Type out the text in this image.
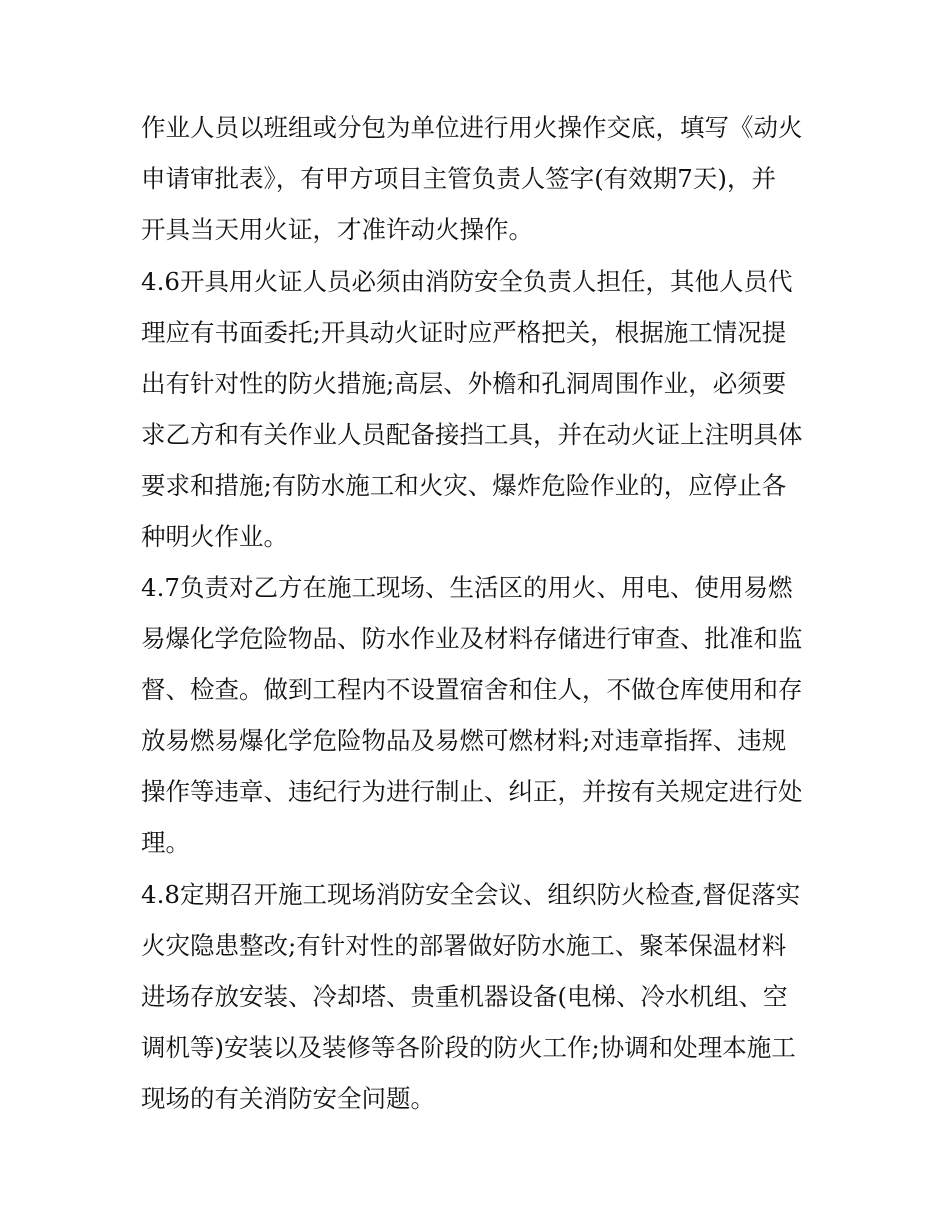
作业人员以班组或分包为单位进行用火操作交底，填写《动火
申请审批表》，有甲方项目主管负责人签字(有效期7天)，并
开具当天用火证，才准许动火操作。
4.6开具用火证人员必须由消防安全负责人担任，其他人员代
理应有书面委托;开具动火证时应严格把关，根据施工情况提
出有针对性的防火措施;高层、外檐和孔洞周围作业，必须要
求乙方和有关作业人员配备接挡工具，并在动火证上注明具体
要求和措施;有防水施工和火灾、爆炸危险作业的，应停止各
种明火作业。
4.7负责对乙方在施工现场、生活区的用火、用电、使用易燃
易爆化学危险物品、防水作业及材料存储进行审查、批准和监
督、检查。做到工程内不设置宿舍和住人，不做仓库使用和存
放易燃易爆化学危险物品及易燃可燃材料;对违章指挥、违规
操作等违章、违纪行为进行制止、纠正，并按有关规定进行处
理。
4.8定期召开施工现场消防安全会议、组织防火检查,督促落实
火灾隐患整改;有针对性的部署做好防水施工、聚苯保温材料
进场存放安装、冷却塔、贵重机器设备(电梯、冷水机组、空
调机等)安装以及装修等各阶段的防火工作;协调和处理本施工
现场的有关消防安全问题。
